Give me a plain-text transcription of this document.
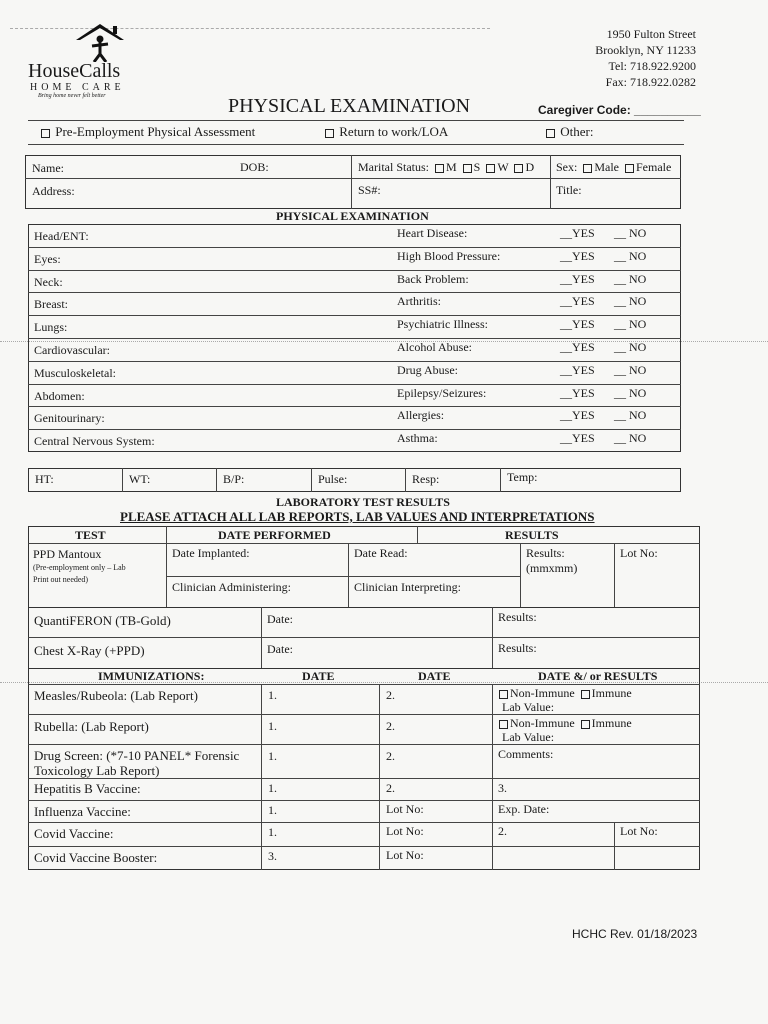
HouseCalls
HOME CARE
Bring home never felt better
1950 Fulton Street
Brooklyn, NY 11233
Tel: 718.922.9200
Fax: 718.922.0282
PHYSICAL EXAMINATION	Caregiver Code: __________
Pre-Employment Physical Assessment	Return to work/LOA	Other:
Name:	DOB:	Marital Status: M S W D Sex: Male Female
Address:	SS#:	Title:
PHYSICAL EXAMINATION
Head/ENT:	Heart Disease:	__YES __ NO
Eyes:	High Blood Pressure:	__YES __ NO
Neck:	Back Problem:	__YES __ NO
Breast:	Arthritis:	__YES __ NO
Lungs:	Psychiatric Illness:	__YES __ NO
Cardiovascular:	Alcohol Abuse:	__YES __ NO
Musculoskeletal:	Drug Abuse:	__YES __ NO
Abdomen:	Epilepsy/Seizures:	__YES __ NO
Genitourinary:	Allergies:	__YES __ NO
Central Nervous System:	Asthma:	__YES __ NO
HT:	WT:	B/P:	Pulse:	Resp:	Temp:
LABORATORY TEST RESULTS
PLEASE ATTACH ALL LAB REPORTS, LAB VALUES AND INTERPRETATIONS
TEST	DATE PERFORMED	RESULTS
PPD Mantoux
(Pre-employment only – Lab
Print out needed)
Date Implanted:	Date Read:	Results:
(mmxmm)
Lot No:
Clinician Administering:	Clinician Interpreting:
QuantiFERON (TB-Gold)	Date:	Results:
Chest X-Ray (+PPD)	Date:	Results:
IMMUNIZATIONS:	DATE	DATE	DATE &/ or RESULTS
Measles/Rubeola: (Lab Report)	1.	2.	Non-Immune Immune
Lab Value:
Rubella: (Lab Report)	1.	2.	Non-Immune Immune
Lab Value:
Drug Screen: (*7-10 PANEL* Forensic
Toxicology Lab Report)
1.	2.	Comments:
Hepatitis B Vaccine:	1.	2.	3.
Influenza Vaccine:	1.	Lot No:	Exp. Date:
Covid Vaccine:	1.	Lot No:	2.	Lot No:
Covid Vaccine Booster:	3.	Lot No:
HCHC Rev. 01/18/2023
